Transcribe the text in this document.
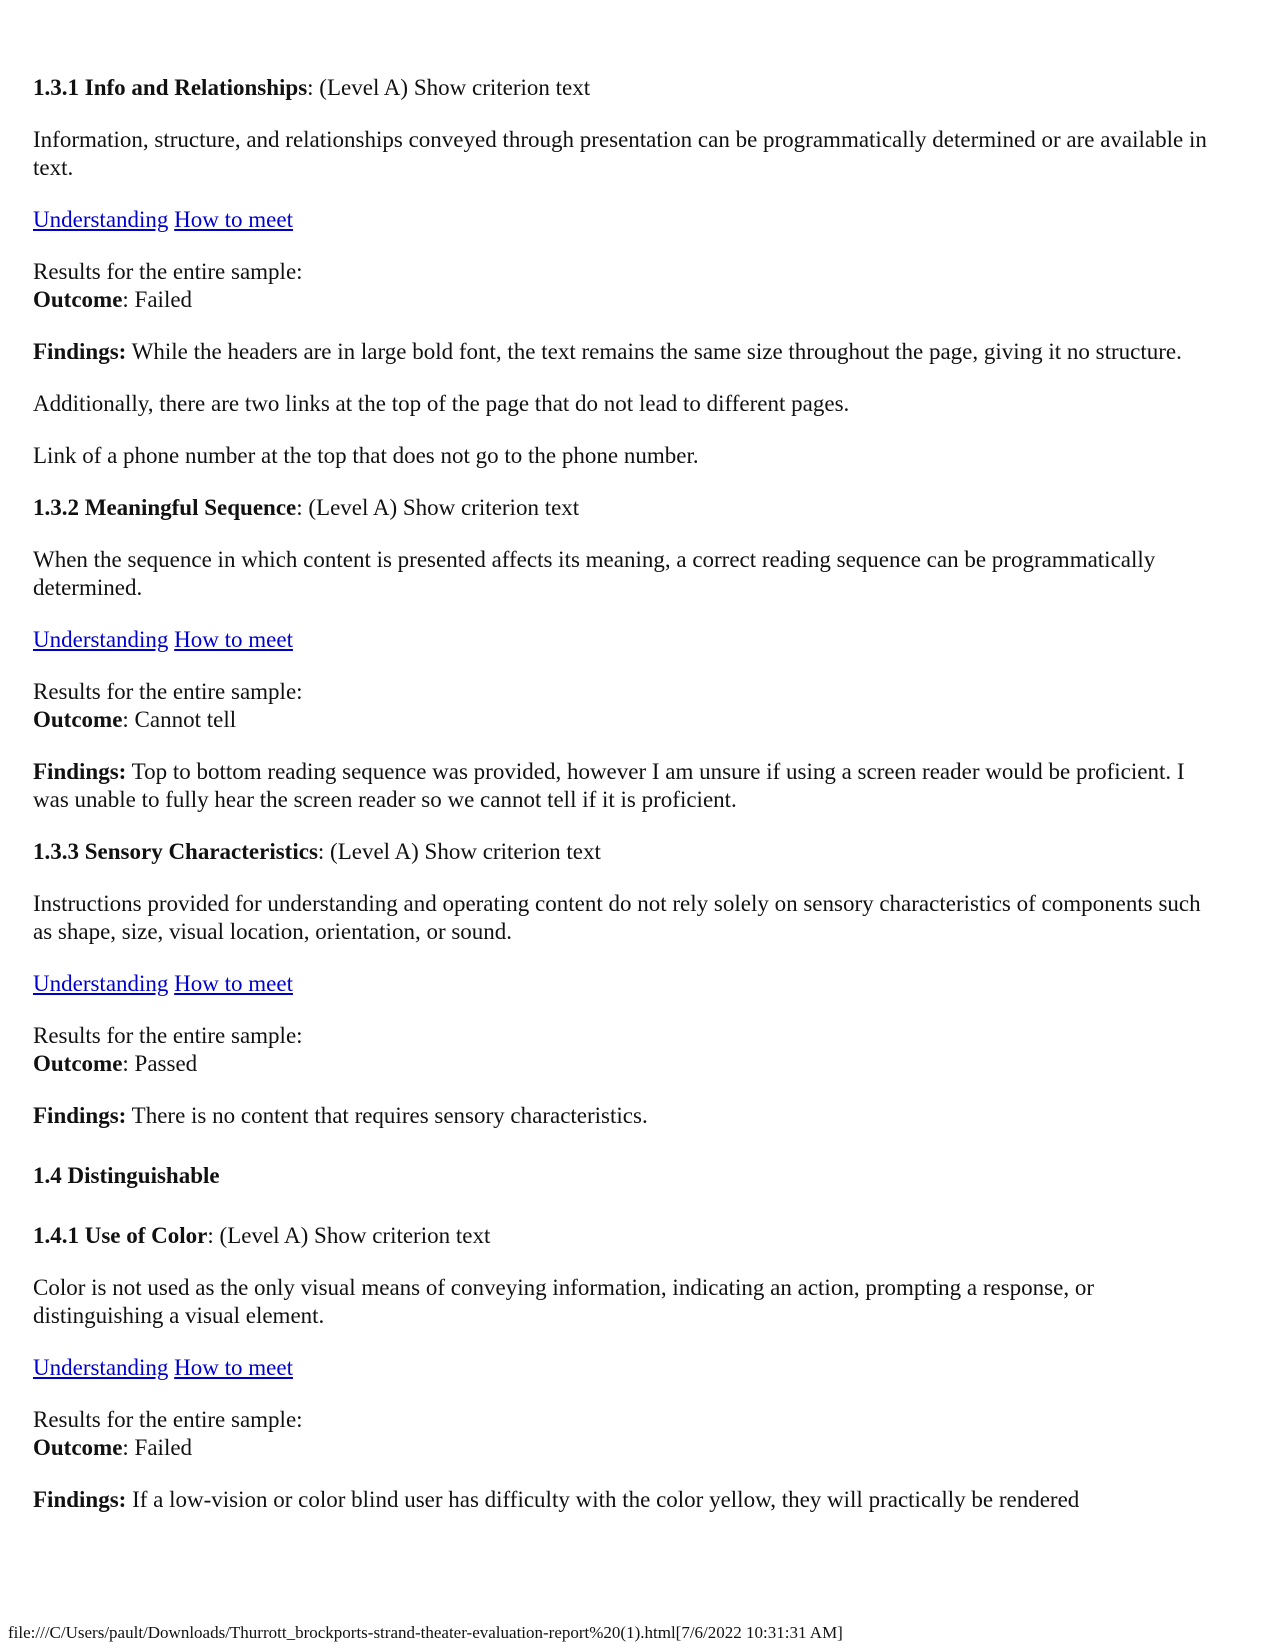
1.3.1 Info and Relationships: (Level A) Show criterion text

Information, structure, and relationships conveyed through presentation can be programmatically determined or are available in text.

Understanding How to meet

Results for the entire sample:
Outcome: Failed

Findings: While the headers are in large bold font, the text remains the same size throughout the page, giving it no structure.

Additionally, there are two links at the top of the page that do not lead to different pages.

Link of a phone number at the top that does not go to the phone number.

1.3.2 Meaningful Sequence: (Level A) Show criterion text

When the sequence in which content is presented affects its meaning, a correct reading sequence can be programmatically determined.

Understanding How to meet

Results for the entire sample:
Outcome: Cannot tell

Findings: Top to bottom reading sequence was provided, however I am unsure if using a screen reader would be proficient. I was unable to fully hear the screen reader so we cannot tell if it is proficient.

1.3.3 Sensory Characteristics: (Level A) Show criterion text

Instructions provided for understanding and operating content do not rely solely on sensory characteristics of components such as shape, size, visual location, orientation, or sound.

Understanding How to meet

Results for the entire sample:
Outcome: Passed

Findings: There is no content that requires sensory characteristics.

1.4 Distinguishable

1.4.1 Use of Color: (Level A) Show criterion text

Color is not used as the only visual means of conveying information, indicating an action, prompting a response, or distinguishing a visual element.

Understanding How to meet

Results for the entire sample:
Outcome: Failed

Findings: If a low-vision or color blind user has difficulty with the color yellow, they will practically be rendered

file:///C/Users/pault/Downloads/Thurrott_brockports-strand-theater-evaluation-report%20(1).html[7/6/2022 10:31:31 AM]
